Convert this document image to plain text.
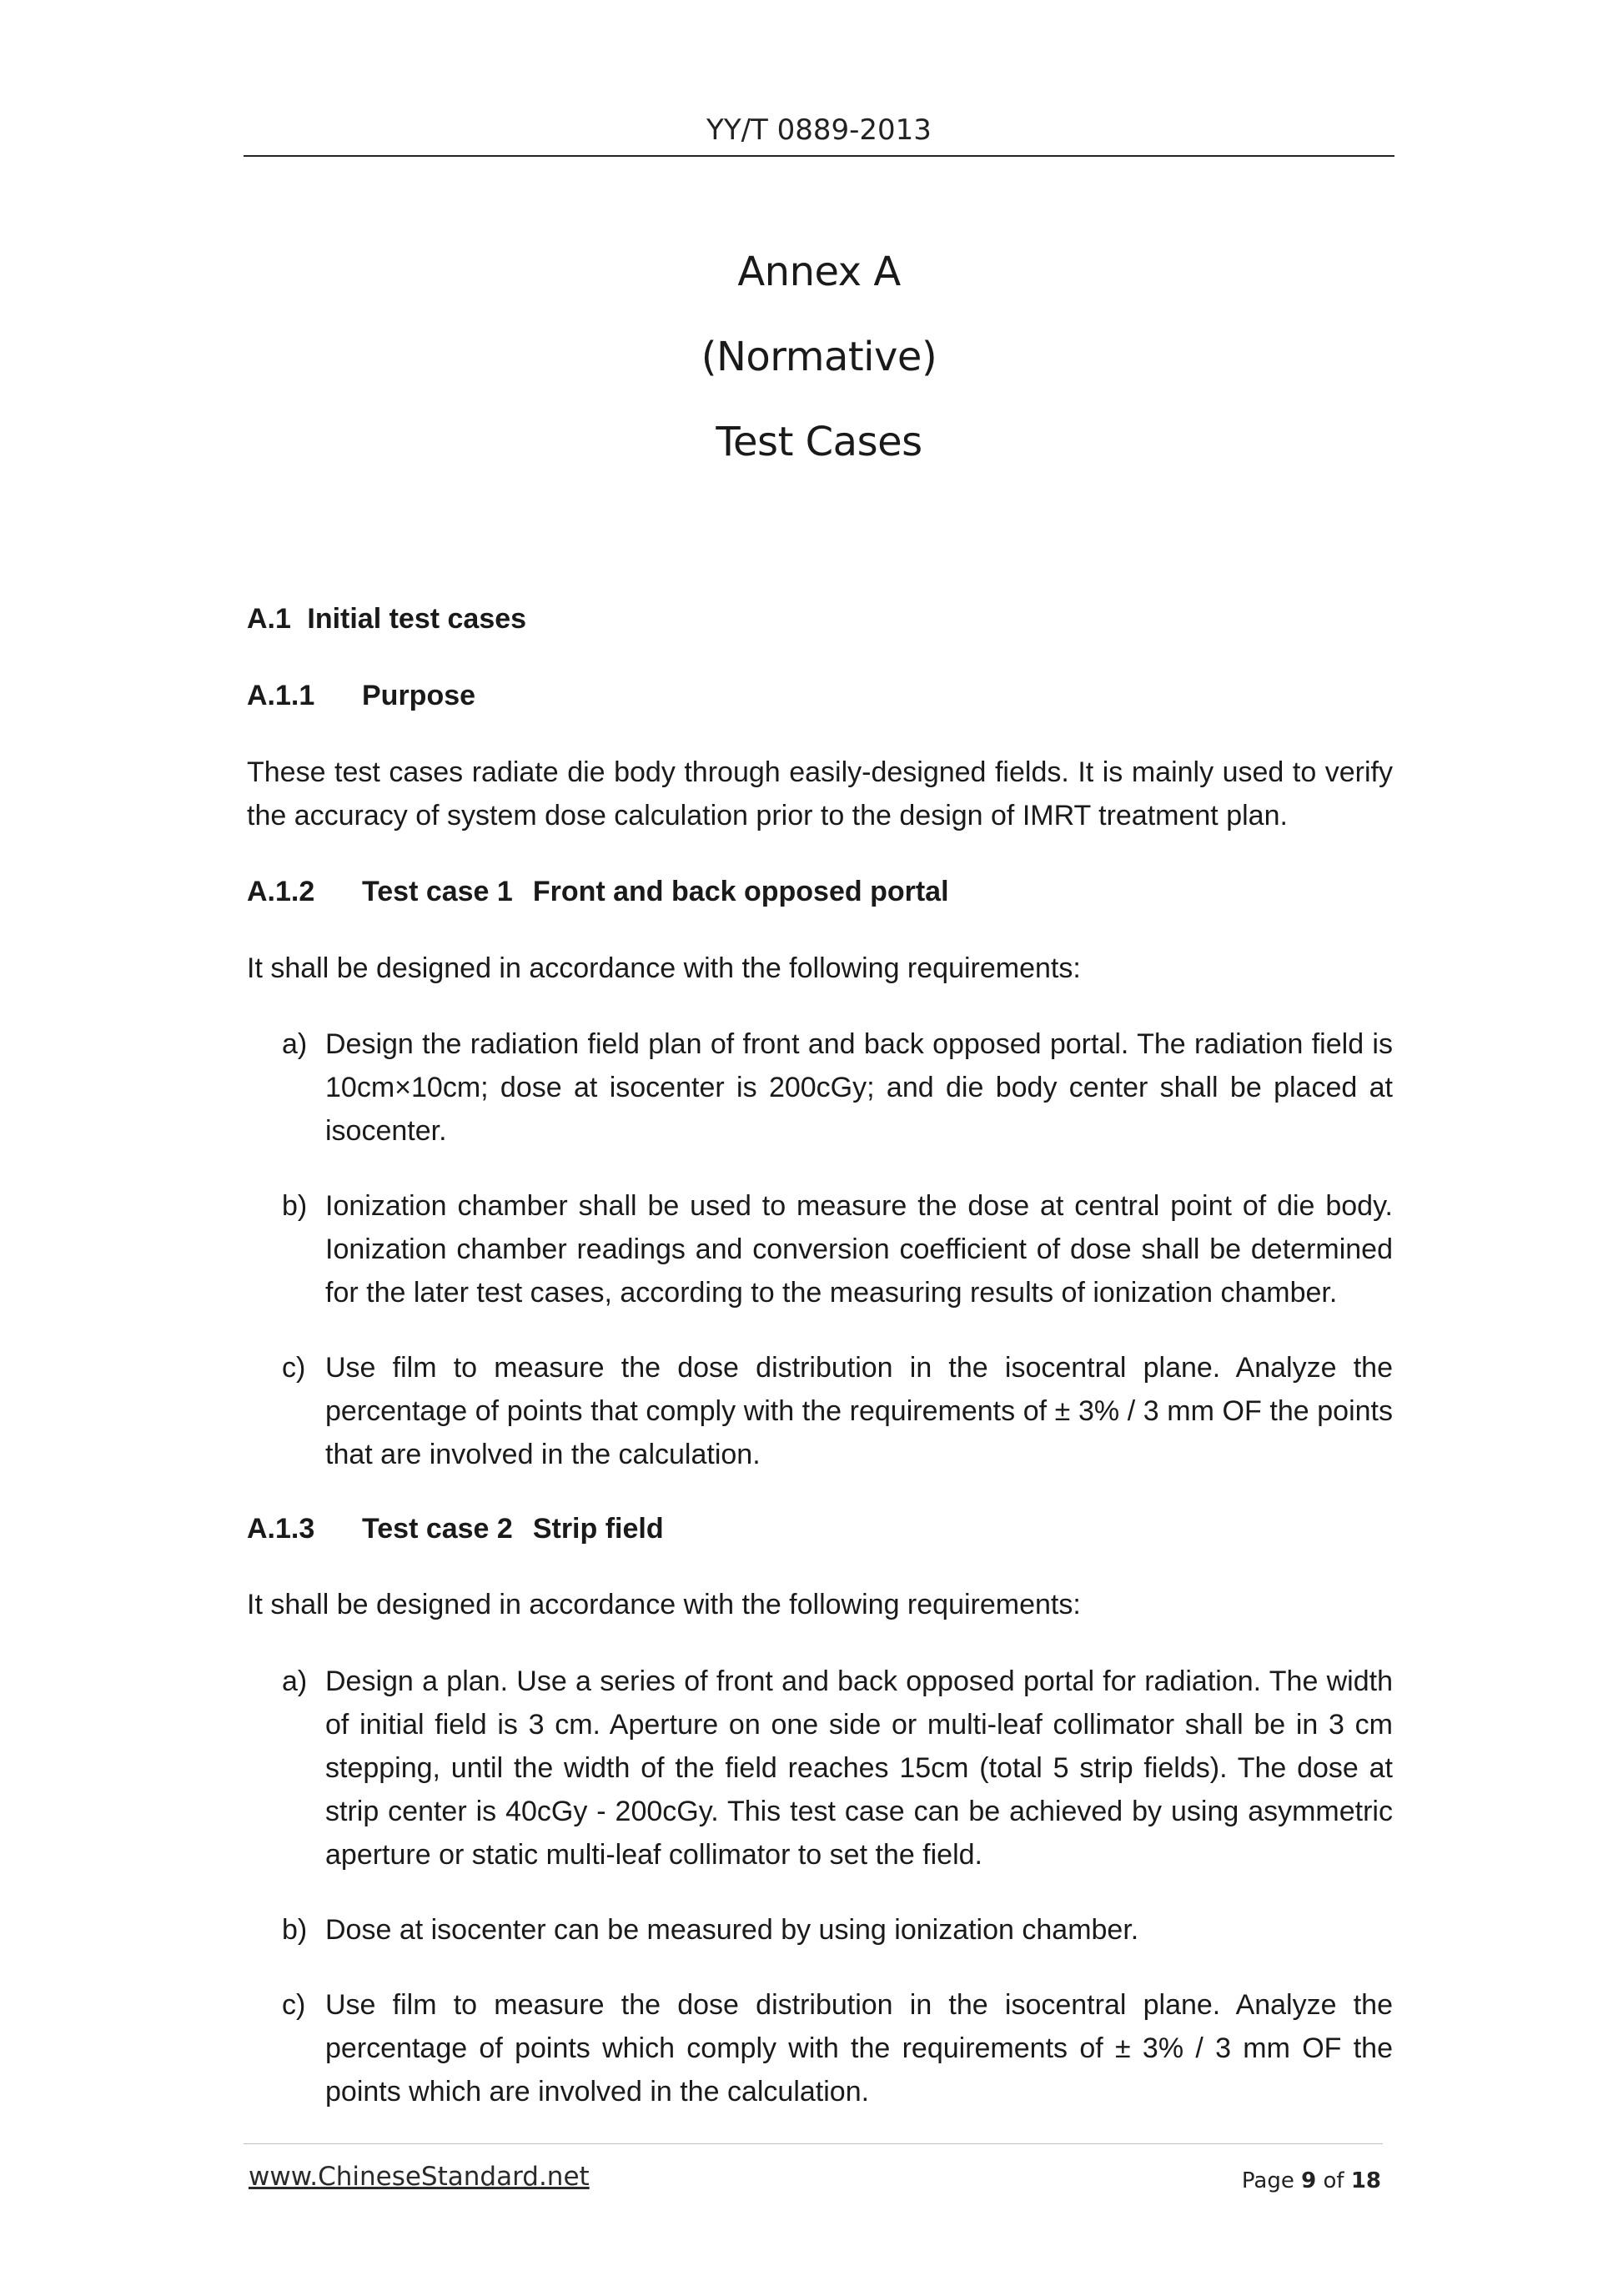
YY/T 0889-2013
Annex A
(Normative)
Test Cases
A.1 Initial test cases
A.1.1 Purpose
These test cases radiate die body through easily-designed fields. It is mainly used to verify the accuracy of system dose calculation prior to the design of IMRT treatment plan.
A.1.2 Test case 1 Front and back opposed portal
It shall be designed in accordance with the following requirements:
a) Design the radiation field plan of front and back opposed portal. The radiation field is 10cm×10cm; dose at isocenter is 200cGy; and die body center shall be placed at isocenter.
b) Ionization chamber shall be used to measure the dose at central point of die body. Ionization chamber readings and conversion coefficient of dose shall be determined for the later test cases, according to the measuring results of ionization chamber.
c) Use film to measure the dose distribution in the isocentral plane. Analyze the percentage of points that comply with the requirements of ± 3% / 3 mm OF the points that are involved in the calculation.
A.1.3 Test case 2 Strip field
It shall be designed in accordance with the following requirements:
a) Design a plan. Use a series of front and back opposed portal for radiation. The width of initial field is 3 cm. Aperture on one side or multi-leaf collimator shall be in 3 cm stepping, until the width of the field reaches 15cm (total 5 strip fields). The dose at strip center is 40cGy - 200cGy. This test case can be achieved by using asymmetric aperture or static multi-leaf collimator to set the field.
b) Dose at isocenter can be measured by using ionization chamber.
c) Use film to measure the dose distribution in the isocentral plane. Analyze the percentage of points which comply with the requirements of ± 3% / 3 mm OF the points which are involved in the calculation.
www.ChineseStandard.net	Page 9 of 18
